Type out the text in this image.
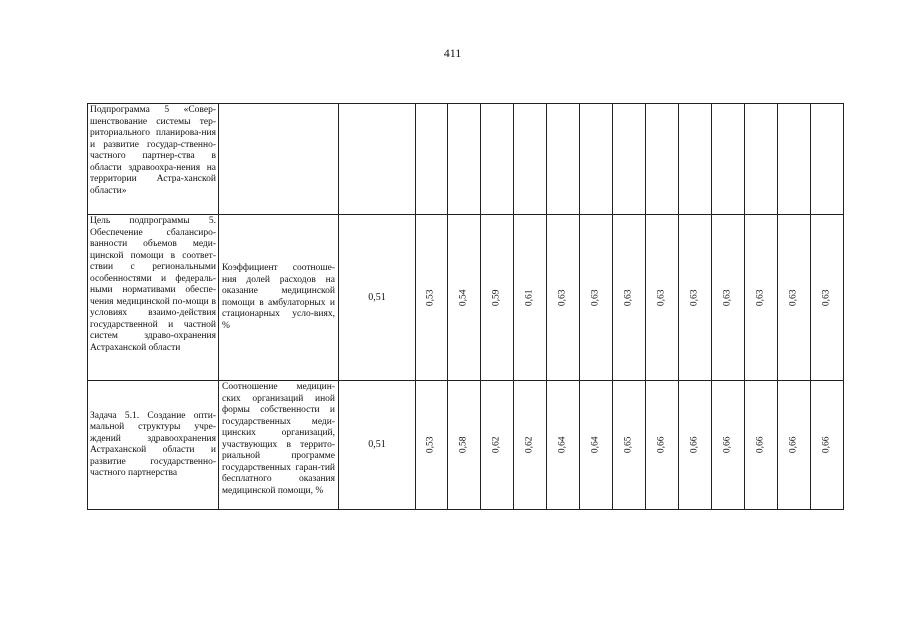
411
Подпрограмма 5 «Совер-шенствование системы тер-риториального планирова-ния и развитие государ-ственно-частного партнер-ства в области здравоохра-нения на территории Астра-ханской области»															
Цель подпрограммы 5. Обеспечение сбалансиро-ванности объемов меди-цинской помощи в соответ-ствии с региональными особенностями и федераль-ными нормативами обеспе-чения медицинской по-мощи в условиях взаимо-действия государственной и частной систем здраво-охранения Астраханской области	Коэффициент соотноше-ния долей расходов на оказание медицинской помощи в амбулаторных и стационарных усло-виях, %	0,51	0,53	0,54	0,59	0,61	0,63	0,63	0,63	0,63	0,63	0,63	0,63	0,63	0,63
Задача 5.1. Создание опти-мальной структуры учре-ждений здравоохранения Астраханской области и развитие государственно-частного партнерства	Соотношение медицин-ских организаций иной формы собственности и государственных меди-цинских организаций, участвующих в террито-риальной программе государственных гаран-тий бесплатного оказания медицинской помощи, %	0,51	0,53	0,58	0,62	0,62	0,64	0,64	0,65	0,66	0,66	0,66	0,66	0,66	0,66
